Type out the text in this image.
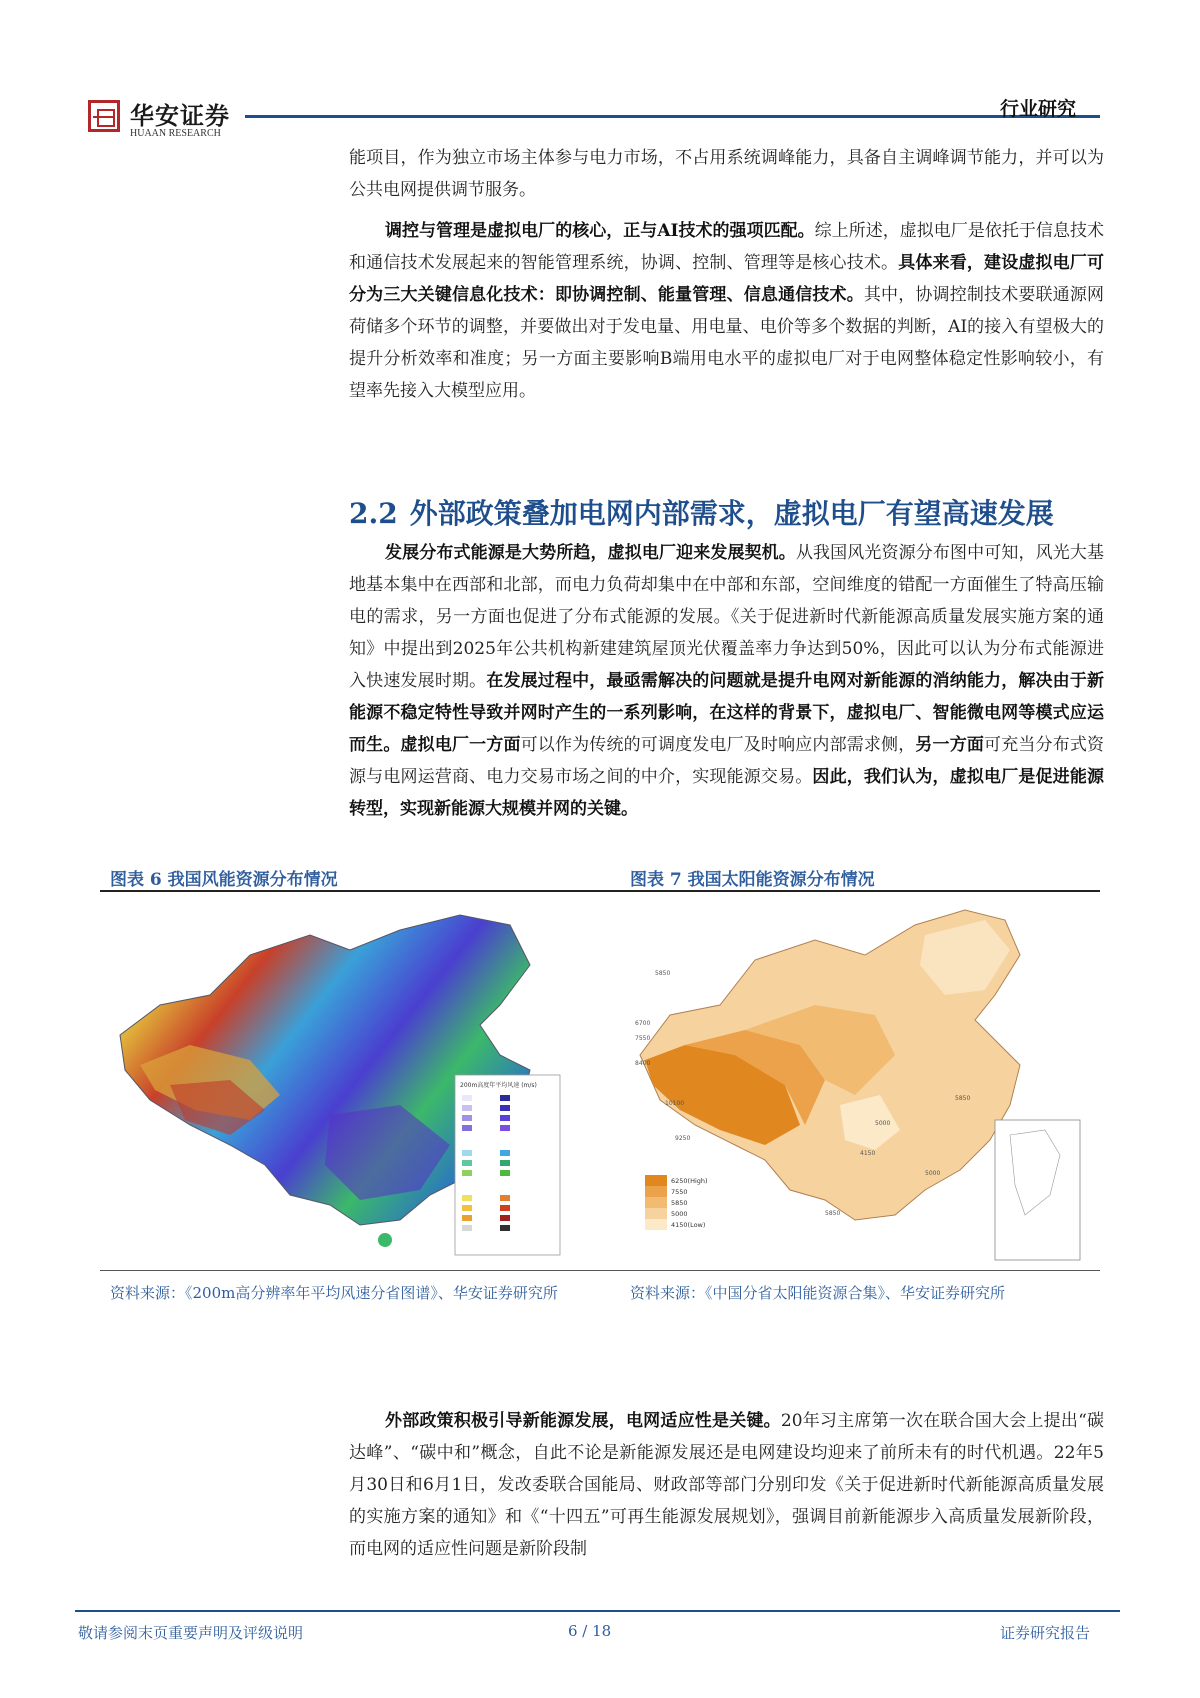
华安证券
HUAAN RESEARCH
行业研究
能项目，作为独立市场主体参与电力市场，不占用系统调峰能力，具备自主调峰调节能力，并可以为公共电网提供调节服务。
调控与管理是虚拟电厂的核心，正与AI技术的强项匹配。综上所述，虚拟电厂是依托于信息技术和通信技术发展起来的智能管理系统，协调、控制、管理等是核心技术。具体来看，建设虚拟电厂可分为三大关键信息化技术：即协调控制、能量管理、信息通信技术。其中，协调控制技术要联通源网荷储多个环节的调整，并要做出对于发电量、用电量、电价等多个数据的判断，AI的接入有望极大的提升分析效率和准度；另一方面主要影响B端用电水平的虚拟电厂对于电网整体稳定性影响较小，有望率先接入大模型应用。
2.2 外部政策叠加电网内部需求，虚拟电厂有望高速发展
发展分布式能源是大势所趋，虚拟电厂迎来发展契机。从我国风光资源分布图中可知，风光大基地基本集中在西部和北部，而电力负荷却集中在中部和东部，空间维度的错配一方面催生了特高压输电的需求，另一方面也促进了分布式能源的发展。《关于促进新时代新能源高质量发展实施方案的通知》中提出到2025年公共机构新建建筑屋顶光伏覆盖率力争达到50%，因此可以认为分布式能源进入快速发展时期。在发展过程中，最亟需解决的问题就是提升电网对新能源的消纳能力，解决由于新能源不稳定特性导致并网时产生的一系列影响，在这样的背景下，虚拟电厂、智能微电网等模式应运而生。虚拟电厂一方面可以作为传统的可调度发电厂及时响应内部需求侧，另一方面可充当分布式资源与电网运营商、电力交易市场之间的中介，实现能源交易。因此，我们认为，虚拟电厂是促进能源转型，实现新能源大规模并网的关键。
图表 6 我国风能资源分布情况	图表 7 我国太阳能资源分布情况
200m高度年平均风速 (m/s)
5850
6700
7550
8400
9250
10100
5850
5000
4150
5000
5850
6250(High)
7550
5850
5000
4150(Low)
资料来源：《200m高分辨率年平均风速分省图谱》、华安证券研究所	资料来源：《中国分省太阳能资源合集》、华安证券研究所
外部政策积极引导新能源发展，电网适应性是关键。20年习主席第一次在联合国大会上提出“碳达峰”、“碳中和”概念，自此不论是新能源发展还是电网建设均迎来了前所未有的时代机遇。22年5月30日和6月1日，发改委联合国能局、财政部等部门分别印发《关于促进新时代新能源高质量发展的实施方案的通知》和《“十四五”可再生能源发展规划》，强调目前新能源步入高质量发展新阶段，而电网的适应性问题是新阶段制
敬请参阅末页重要声明及评级说明	6 / 18	证券研究报告
